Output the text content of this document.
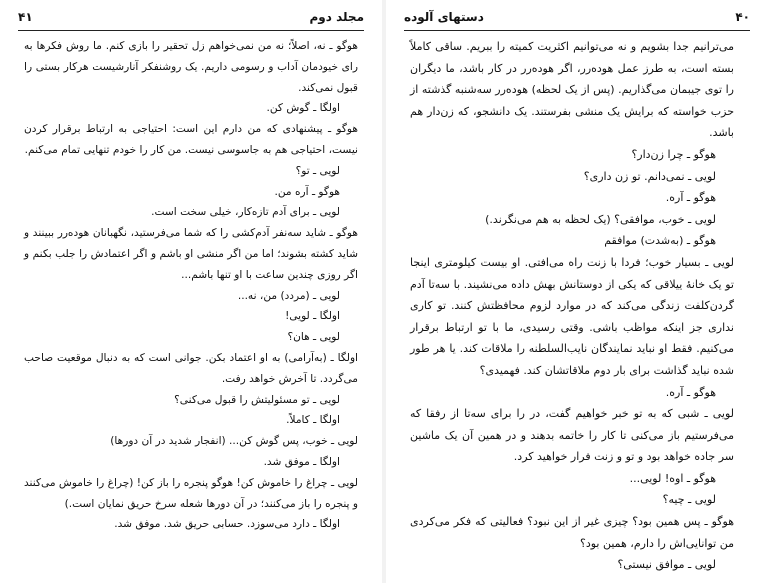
۴۱	مجلد دوم

هوگو ـ نه، اصلاً؛ نه من نمی‌خواهم زل تحقیر را بازی کنم. ما روش فکرها به رای خیودمان آداب و رسومی داریم. یک روشنفکر آنارشیست هرکار بستی را قبول نمی‌کند.

اولگا ـ گوش کن.

هوگو ـ پیشنهادی که من دارم این است: احتیاجی به ارتباط برقرار کردن نیست، احتیاجی هم به جاسوسی نیست. من کار را خودم تنهایی تمام می‌کنم.

لویی ـ تو؟

هوگو ـ آره من.

لویی ـ برای آدم تازه‌کار، خیلی سخت است.

هوگو ـ شاید سه‌نفر آدم‌کشی را که شما می‌فرستید، نگهبانان هوده‌رر ببینند و شاید کشته بشوند؛ اما من اگر منشی او باشم و اگر اعتمادش را جلب بکنم و اگر روزی چندین ساعت با او تنها باشم...

لویی ـ (مردد) من، نه...

اولگا ـ لویی!

لویی ـ هان؟

اولگا ـ (به‌آرامی) به او اعتماد بکن. جوانی است که به دنبال موقعیت صاحب می‌گردد. تا آخرش خواهد رفت.

لویی ـ تو مسئولیتش را قبول می‌کنی؟

اولگا ـ کاملاً.

لویی ـ خوب، پس گوش کن... (انفجار شدید در آن دورها)

اولگا ـ موفق شد.

لویی ـ چراغ را خاموش کن! هوگو پنجره را باز کن! (چراغ را خاموش می‌کنند و پنجره را باز می‌کنند؛ در آن دورها شعله سرخ حریق نمایان است.)

اولگا ـ دارد می‌سوزد. حسابی حریق شد. موفق شد.

دستهای آلوده	۴۰

می‌ترانیم جدا بشویم و نه می‌توانیم اکثریت کمیته را ببریم. ساقی کاملاً بسته است، به طرز عمل هوده‌رر، اگر هوده‌رر در کار باشد، ما دیگران را توی جیبمان می‌گذاریم. (پس از یک لحظه) هوده‌رر سه‌شنبه گذشته از حزب خواسته که برایش یک منشی بفرستند. یک دانشجو، که زن‌دار هم باشد.

هوگو ـ چرا زن‌دار؟

لویی ـ نمی‌دانم. تو زن داری؟

هوگو ـ آره.

لویی ـ خوب، موافقی؟ (یک لحظه به هم می‌نگرند.)

هوگو ـ (به‌شدت) موافقم

لویی ـ بسیار خوب؛ فردا با زنت راه می‌افتی. او بیست کیلومتری اینجا تو یک خانهٔ ییلاقی که یکی از دوستانش بهش داده می‌نشیند. با سه‌تا آدم گردن‌کلفت زندگی می‌کند که در موارد لزوم محافظتش کنند. تو کاری نداری جز اینکه مواظب باشی. وقتی رسیدی، ما با تو ارتباط برقرار می‌کنیم. فقط او نباید نمایندگان نایب‌السلطنه را ملاقات کند. یا هر طور شده نباید گذاشت برای بار دوم ملاقاتشان کند. فهمیدی؟

هوگو ـ آره.

لویی ـ شبی که به تو خبر خواهیم گفت، در را برای سه‌تا از رفقا که می‌فرستیم باز می‌کنی تا کار را خاتمه بدهند و در همین آن یک ماشین سر جاده خواهد بود و تو و زنت فرار خواهید کرد.

هوگو ـ اوه! لویی...

لویی ـ چیه؟

هوگو ـ پس همین بود؟ چیزی غیر از این نبود؟ فعالیتی که فکر می‌کردی من توانایی‌اش را دارم، همین بود؟

لویی ـ موافق نیستی؟
